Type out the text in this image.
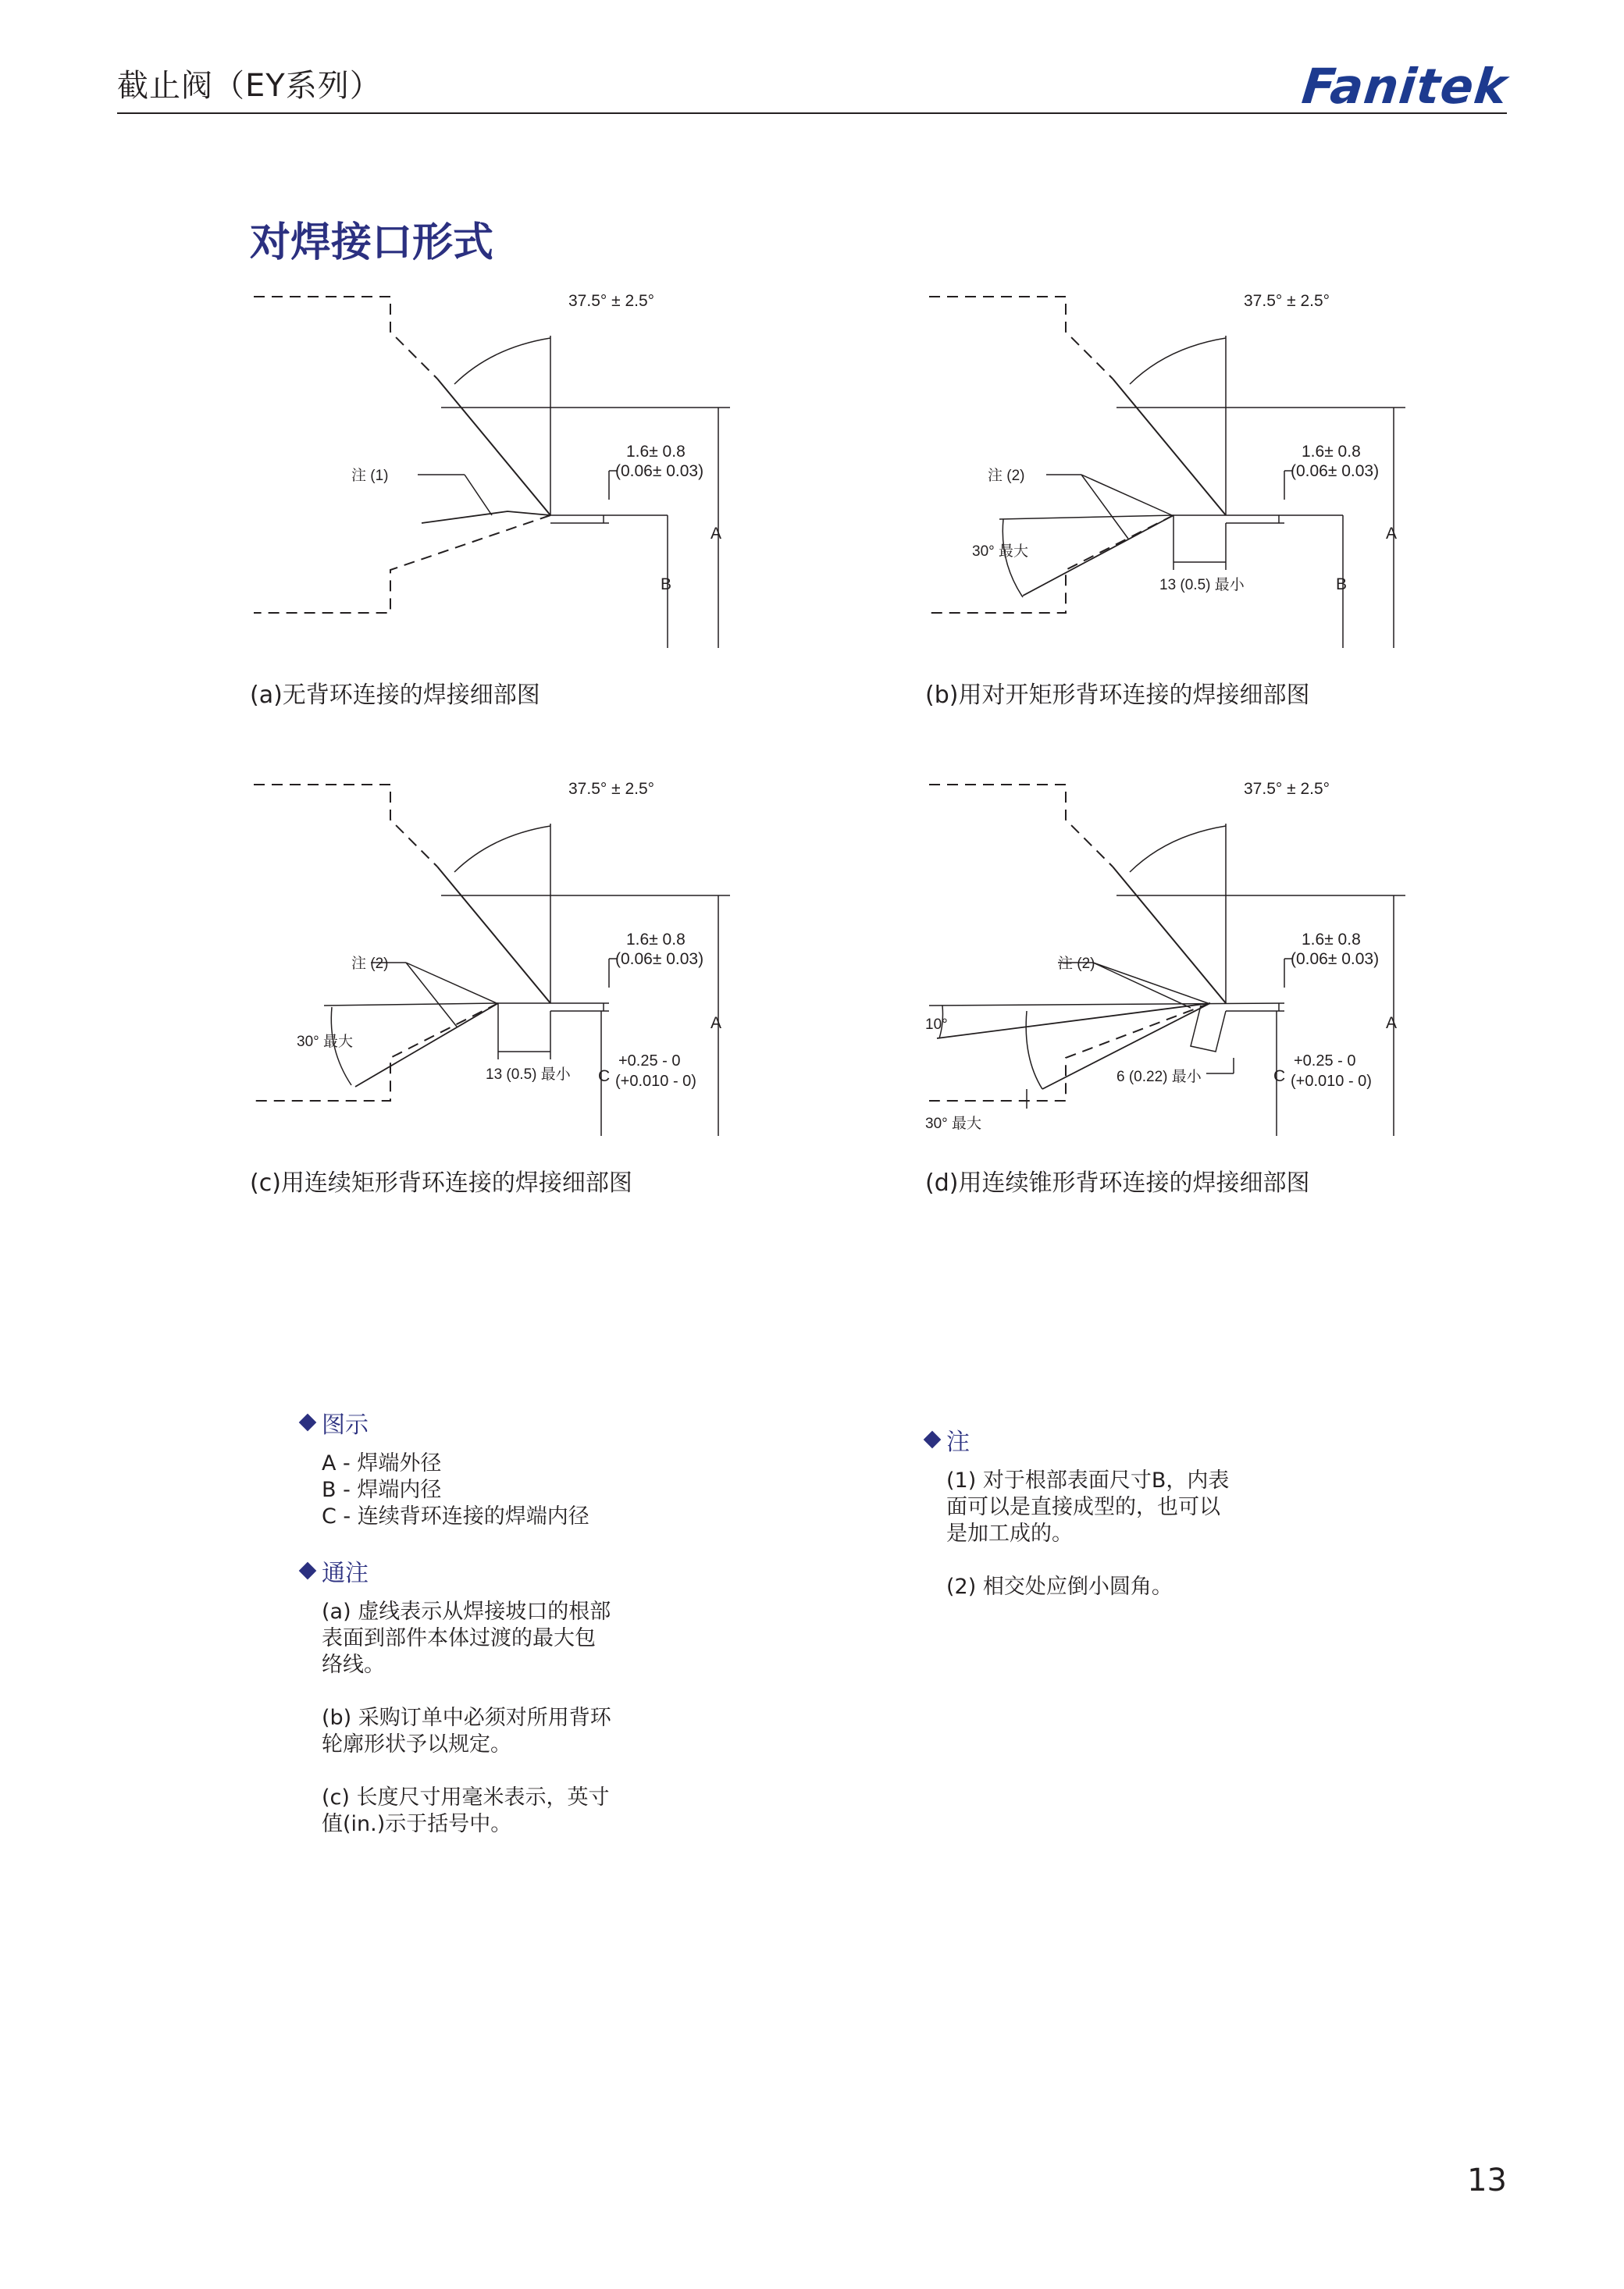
截止阀（EY系列）	Fanitek
对焊接口形式
37.5° ± 2.5°
1.6± 0.8
(0.06± 0.03)
注 (1)
A
B
(a)无背环连接的焊接细部图
37.5° ± 2.5°
1.6± 0.8
(0.06± 0.03)
注 (2)
30° 最大
13 (0.5) 最小
A
B
(b)用对开矩形背环连接的焊接细部图
37.5° ± 2.5°
1.6± 0.8
(0.06± 0.03)
注 (2)
30° 最大
13 (0.5) 最小 C
+0.25 - 0
(+0.010 - 0)
A
(c)用连续矩形背环连接的焊接细部图
37.5° ± 2.5°
1.6± 0.8
(0.06± 0.03)
注 (2)
10°
30° 最大
6 (0.22) 最小	C
+0.25 - 0
(+0.010 - 0)
A
(d)用连续锥形背环连接的焊接细部图
图示
A - 焊端外径
B - 焊端内径
C - 连续背环连接的焊端内径
通注
(a) 虚线表示从焊接坡口的根部
表面到部件本体过渡的最大包
络线。
(b) 采购订单中必须对所用背环
轮廓形状予以规定。
(c) 长度尺寸用毫米表示，英寸
值(in.)示于括号中。
注
(1) 对于根部表面尺寸B，内表
面可以是直接成型的，也可以
是加工成的。
(2) 相交处应倒小圆角。
13
